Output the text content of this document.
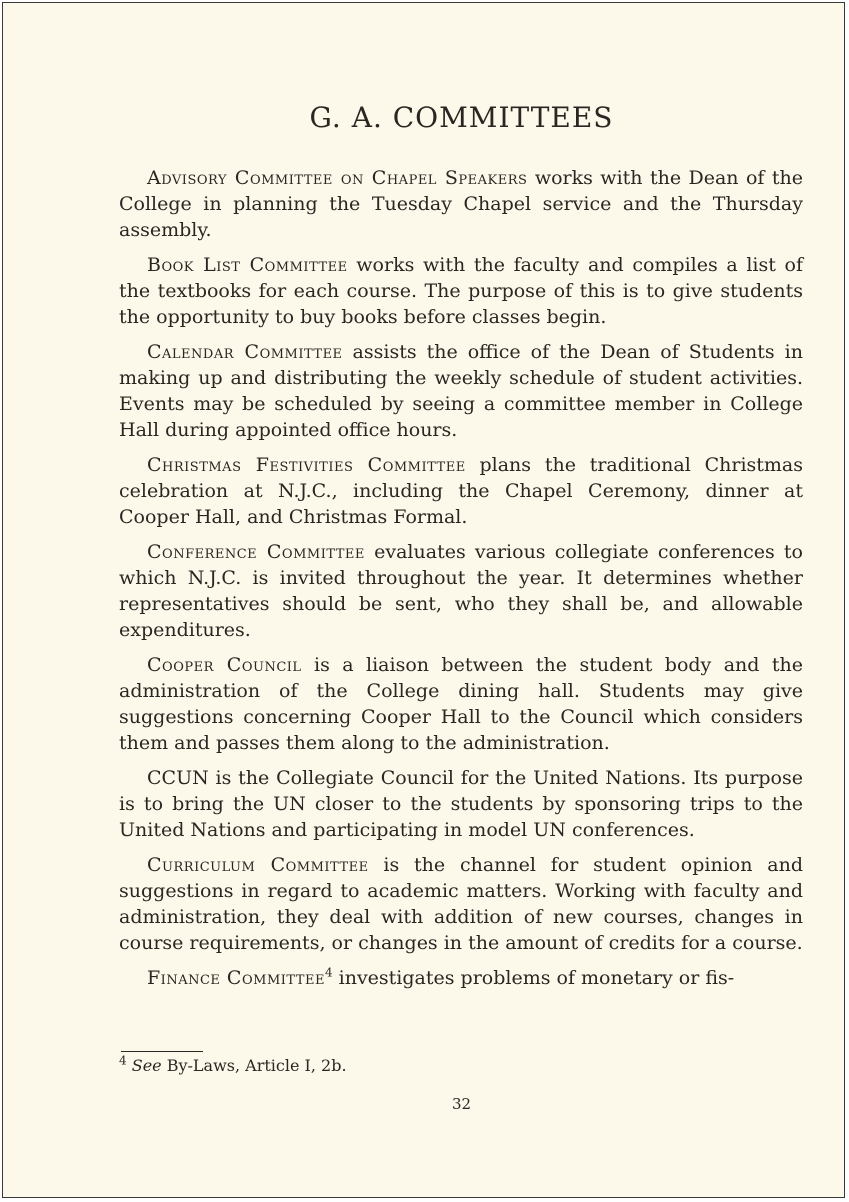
G. A. COMMITTEES

Advisory Committee on Chapel Speakers works with the Dean of the College in planning the Tuesday Chapel service and the Thursday assembly.

Book List Committee works with the faculty and compiles a list of the textbooks for each course. The purpose of this is to give students the opportunity to buy books before classes begin.

Calendar Committee assists the office of the Dean of Students in making up and distributing the weekly schedule of student activities. Events may be scheduled by seeing a committee member in College Hall during appointed office hours.

Christmas Festivities Committee plans the traditional Christmas celebration at N.J.C., including the Chapel Ceremony, dinner at Cooper Hall, and Christmas Formal.

Conference Committee evaluates various collegiate conferences to which N.J.C. is invited throughout the year. It determines whether representatives should be sent, who they shall be, and allowable expenditures.

Cooper Council is a liaison between the student body and the administration of the College dining hall. Students may give suggestions concerning Cooper Hall to the Council which considers them and passes them along to the administration.

CCUN is the Collegiate Council for the United Nations. Its purpose is to bring the UN closer to the students by sponsoring trips to the United Nations and participating in model UN conferences.

Curriculum Committee is the channel for student opinion and suggestions in regard to academic matters. Working with faculty and administration, they deal with addition of new courses, changes in course requirements, or changes in the amount of credits for a course.

Finance Committee$^4$ investigates problems of monetary or fis-

$^4$ See By-Laws, Article I, 2b.
32
